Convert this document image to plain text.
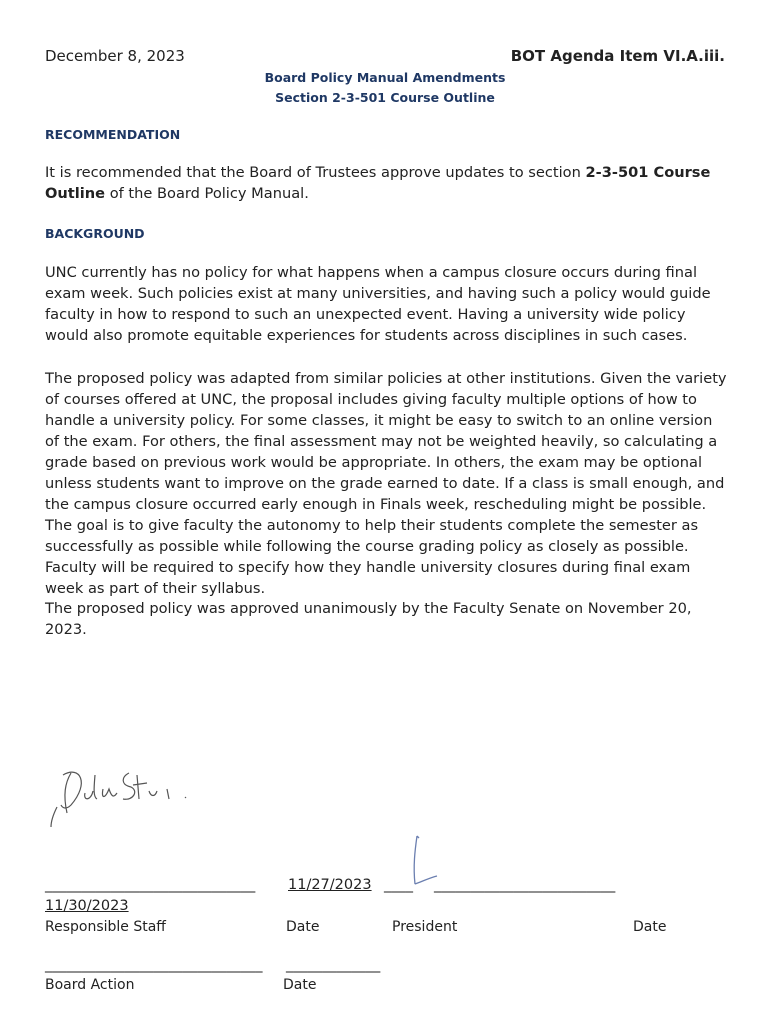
December 8, 2023	BOT Agenda Item VI.A.iii.
Board Policy Manual Amendments
Section 2-3-501 Course Outline
RECOMMENDATION
It is recommended that the Board of Trustees approve updates to section 2-3-501 Course Outline of the Board Policy Manual.
BACKGROUND
UNC currently has no policy for what happens when a campus closure occurs during final exam week. Such policies exist at many universities, and having such a policy would guide faculty in how to respond to such an unexpected event. Having a university wide policy would also promote equitable experiences for students across disciplines in such cases.
The proposed policy was adapted from similar policies at other institutions. Given the variety of courses offered at UNC, the proposal includes giving faculty multiple options of how to handle a university policy. For some classes, it might be easy to switch to an online version of the exam. For others, the final assessment may not be weighted heavily, so calculating a grade based on previous work would be appropriate. In others, the exam may be optional unless students want to improve on the grade earned to date. If a class is small enough, and the campus closure occurred early enough in Finals week, rescheduling might be possible. The goal is to give faculty the autonomy to help their students complete the semester as successfully as possible while following the course grading policy as closely as possible. Faculty will be required to specify how they handle university closures during final exam week as part of their syllabus.
The proposed policy was approved unanimously by the Faculty Senate on November 20, 2023.
_____________________________ 11/27/2023 ____ _________________________
11/30/2023
Responsible Staff	Date	President	Date
______________________________ _____________
Board Action	Date
